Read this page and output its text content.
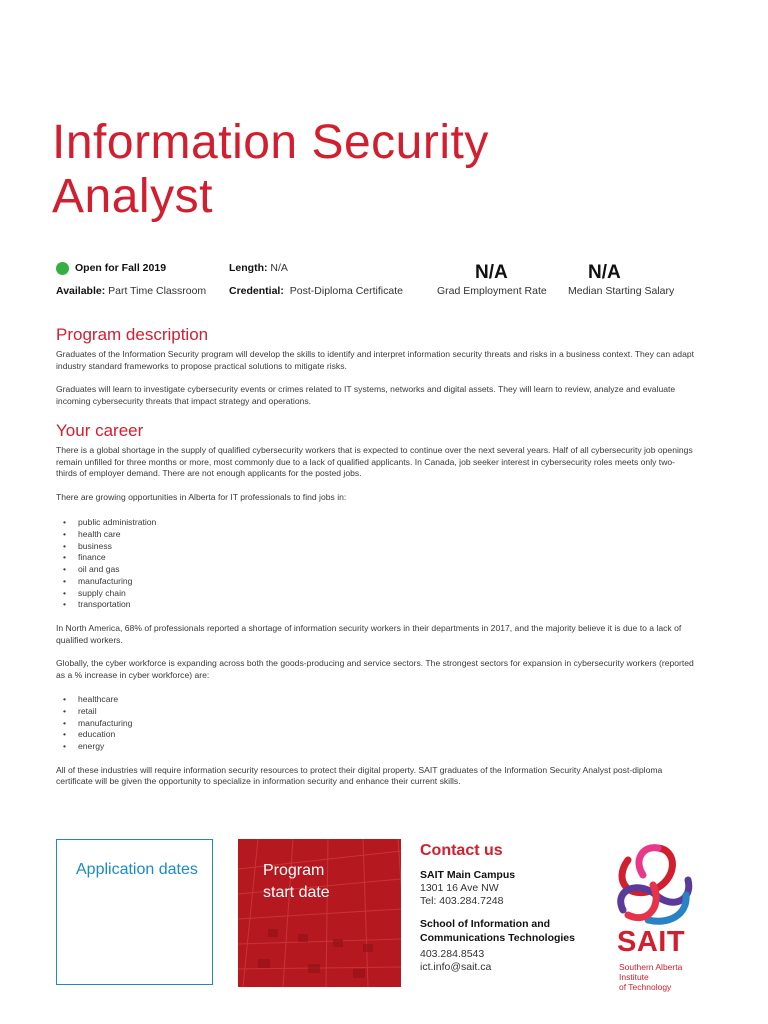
Information Security
Analyst
Open for Fall 2019
Available: Part Time Classroom
Length: N/A
Credential: Post-Diploma Certificate
N/A
Grad Employment Rate
N/A
Median Starting Salary
Program description

Graduates of the Information Security program will develop the skills to identify and interpret information security threats and risks in a business context. They can adapt industry standard frameworks to propose practical solutions to mitigate risks.

Graduates will learn to investigate cybersecurity events or crimes related to IT systems, networks and digital assets. They will learn to review, analyze and evaluate incoming cybersecurity threats that impact strategy and operations.

Your career

There is a global shortage in the supply of qualified cybersecurity workers that is expected to continue over the next several years. Half of all cybersecurity job openings remain unfilled for three months or more, most commonly due to a lack of qualified applicants. In Canada, job seeker interest in cybersecurity roles meets only two-thirds of employer demand. There are not enough applicants for the posted jobs.

There are growing opportunities in Alberta for IT professionals to find jobs in:

• public administration
• health care
• business
• finance
• oil and gas
• manufacturing
• supply chain
• transportation

In North America, 68% of professionals reported a shortage of information security workers in their departments in 2017, and the majority believe it is due to a lack of qualified workers.

Globally, the cyber workforce is expanding across both the goods-producing and service sectors. The strongest sectors for expansion in cybersecurity workers (reported as a % increase in cyber workforce) are:

• healthcare
• retail
• manufacturing
• education
• energy

All of these industries will require information security resources to protect their digital property. SAIT graduates of the Information Security Analyst post-diploma certificate will be given the opportunity to specialize in information security and enhance their current skills.

Application dates	Program
start date
Contact us
SAIT Main Campus
1301 16 Ave NW
Tel: 403.284.7248
School of Information and
Communications Technologies
403.284.8543
ict.info@sait.ca
SAIT
Southern Alberta
Institute
of Technology
